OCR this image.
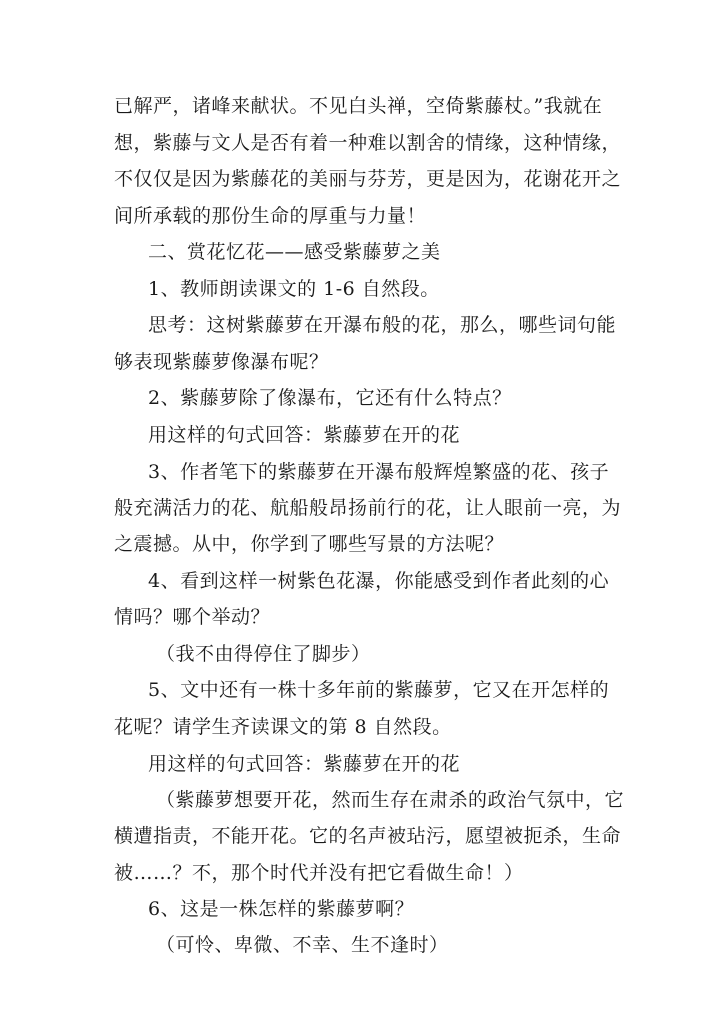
已解严，诸峰来献状。不见白头禅，空倚紫藤杖。”我就在
想，紫藤与文人是否有着一种难以割舍的情缘，这种情缘，
不仅仅是因为紫藤花的美丽与芬芳，更是因为，花谢花开之
间所承载的那份生命的厚重与力量！
二、赏花忆花——感受紫藤萝之美
1、教师朗读课文的 1-6 自然段。
思考：这树紫藤萝在开瀑布般的花，那么，哪些词句能
够表现紫藤萝像瀑布呢？
2、紫藤萝除了像瀑布，它还有什么特点？
用这样的句式回答：紫藤萝在开的花
3、作者笔下的紫藤萝在开瀑布般辉煌繁盛的花、孩子
般充满活力的花、航船般昂扬前行的花，让人眼前一亮，为
之震撼。从中，你学到了哪些写景的方法呢？
4、看到这样一树紫色花瀑，你能感受到作者此刻的心
情吗？哪个举动？
（我不由得停住了脚步）
5、文中还有一株十多年前的紫藤萝，它又在开怎样的
花呢？请学生齐读课文的第 8 自然段。
用这样的句式回答：紫藤萝在开的花
（紫藤萝想要开花，然而生存在肃杀的政治气氛中，它
横遭指责，不能开花。它的名声被玷污，愿望被扼杀，生命
被……？不，那个时代并没有把它看做生命！）
6、这是一株怎样的紫藤萝啊？
（可怜、卑微、不幸、生不逢时）
